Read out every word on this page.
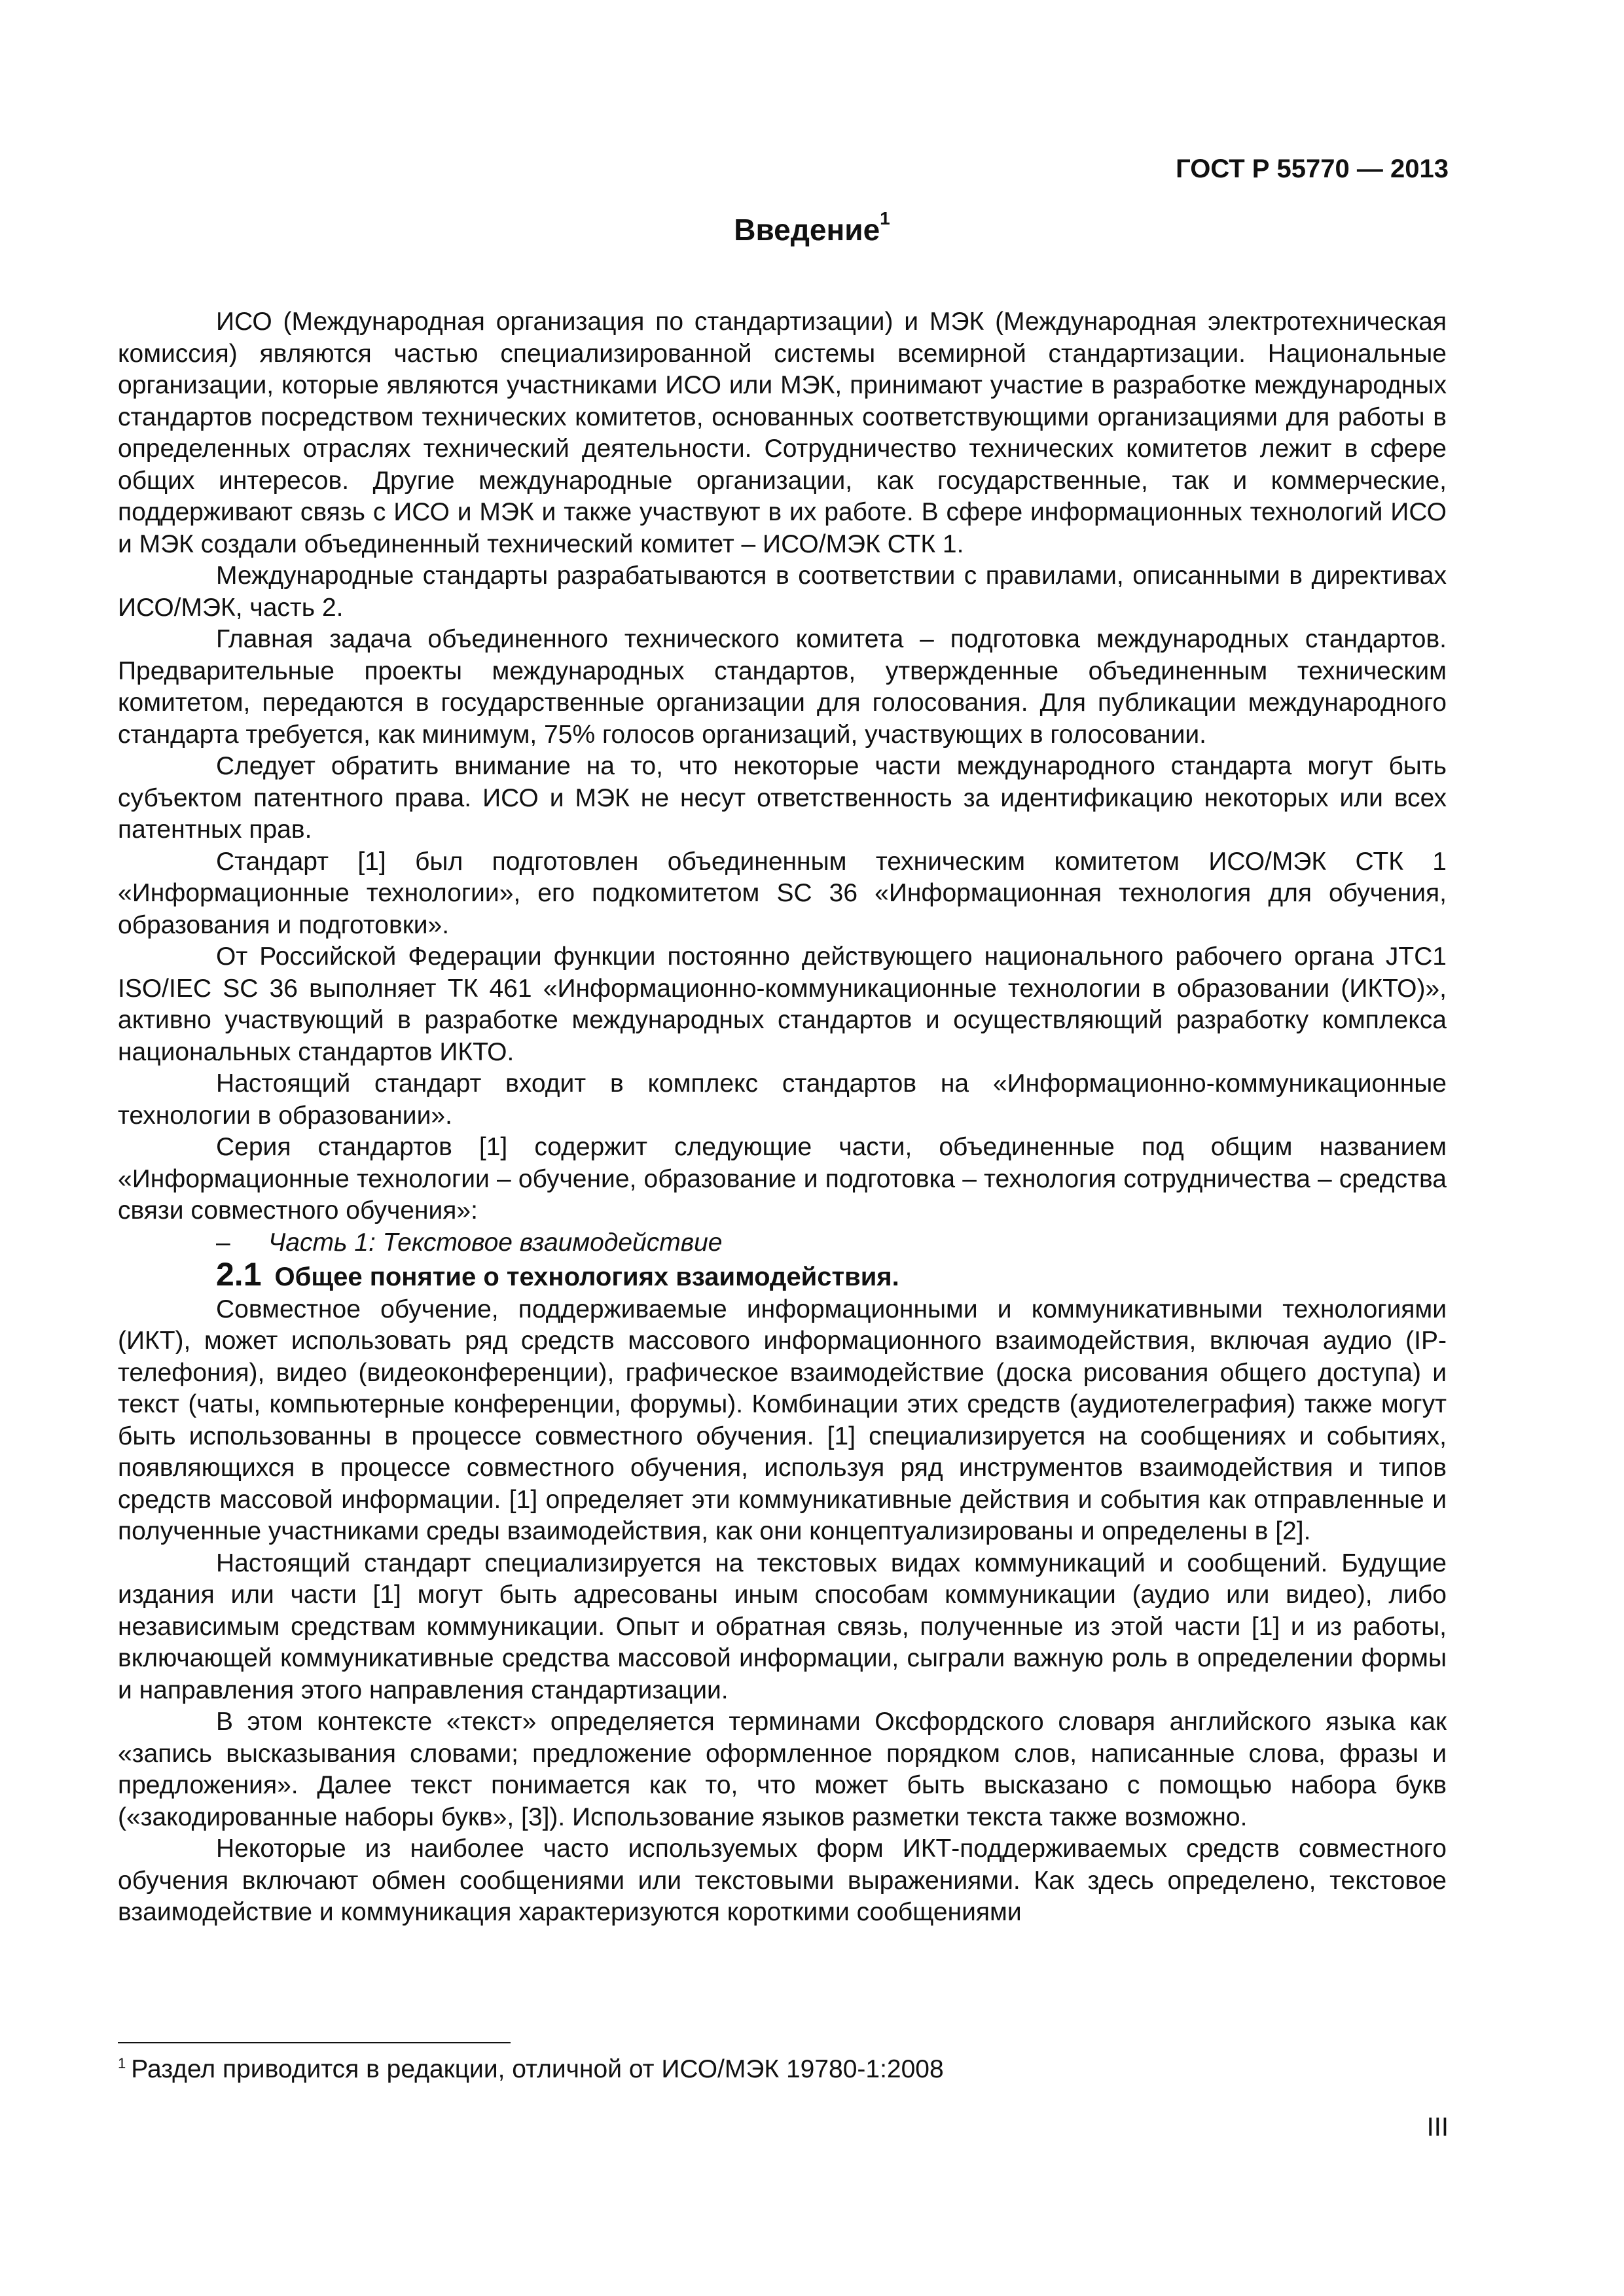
ГОСТ Р 55770 — 2013
Введение$^1$

ИСО (Международная организация по стандартизации) и МЭК (Международная электротехническая комиссия) являются частью специализированной системы всемирной стандартизации. Национальные организации, которые являются участниками ИСО или МЭК, принимают участие в разработке международных стандартов посредством технических комитетов, основанных соответствующими организациями для работы в определенных отраслях технический деятельности. Сотрудничество технических комитетов лежит в сфере общих интересов. Другие международные организации, как государственные, так и коммерческие, поддерживают связь с ИСО и МЭК и также участвуют в их работе. В сфере информационных технологий ИСО и МЭК создали объединенный технический комитет – ИСО/МЭК СТК 1.

Международные стандарты разрабатываются в соответствии с правилами, описанными в директивах ИСО/МЭК, часть 2.

Главная задача объединенного технического комитета – подготовка международных стандартов. Предварительные проекты международных стандартов, утвержденные объединенным техническим комитетом, передаются в государственные организации для голосования. Для публикации международного стандарта требуется, как минимум, 75% голосов организаций, участвующих в голосовании.

Следует обратить внимание на то, что некоторые части международного стандарта могут быть субъектом патентного права. ИСО и МЭК не несут ответственность за идентификацию некоторых или всех патентных прав.

Стандарт [1] был подготовлен объединенным техническим комитетом ИСО/МЭК СТК 1 «Информационные технологии», его подкомитетом SC 36 «Информационная технология для обучения, образования и подготовки».

От Российской Федерации функции постоянно действующего национального рабочего органа JTC1 ISO/IEC SC 36 выполняет ТК 461 «Информационно-коммуникационные технологии в образовании (ИКТО)», активно участвующий в разработке международных стандартов и осуществляющий разработку комплекса национальных стандартов ИКТО.

Настоящий стандарт входит в комплекс стандартов на «Информационно-коммуникационные технологии в образовании».

Серия стандартов [1] содержит следующие части, объединенные под общим названием «Информационные технологии – обучение, образование и подготовка – технология сотрудничества – средства связи совместного обучения»:

– Часть 1: Текстовое взаимодействие
2.1 Общее понятие о технологиях взаимодействия.

Совместное обучение, поддерживаемые информационными и коммуникативными технологиями (ИКТ), может использовать ряд средств массового информационного взаимодействия, включая аудио (IP-телефония), видео (видеоконференции), графическое взаимодействие (доска рисования общего доступа) и текст (чаты, компьютерные конференции, форумы). Комбинации этих средств (аудиотелеграфия) также могут быть использованны в процессе совместного обучения. [1] специализируется на сообщениях и событиях, появляющихся в процессе совместного обучения, используя ряд инструментов взаимодействия и типов средств массовой информации. [1] определяет эти коммуникативные действия и события как отправленные и полученные участниками среды взаимодействия, как они концептуализированы и определены в [2].

Настоящий стандарт специализируется на текстовых видах коммуникаций и сообщений. Будущие издания или части [1] могут быть адресованы иным способам коммуникации (аудио или видео), либо независимым средствам коммуникации. Опыт и обратная связь, полученные из этой части [1] и из работы, включающей коммуникативные средства массовой информации, сыграли важную роль в определении формы и направления этого направления стандартизации.

В этом контексте «текст» определяется терминами Оксфордского словаря английского языка как «запись высказывания словами; предложение оформленное порядком слов, написанные слова, фразы и предложения». Далее текст понимается как то, что может быть высказано с помощью набора букв («закодированные наборы букв», [3]). Использование языков разметки текста также возможно.

Некоторые из наиболее часто используемых форм ИКТ-поддерживаемых средств совместного обучения включают обмен сообщениями или текстовыми выражениями. Как здесь определено, текстовое взаимодействие и коммуникация характеризуются короткими сообщениями

$^1$ Раздел приводится в редакции, отличной от ИСО/МЭК 19780-1:2008
III
